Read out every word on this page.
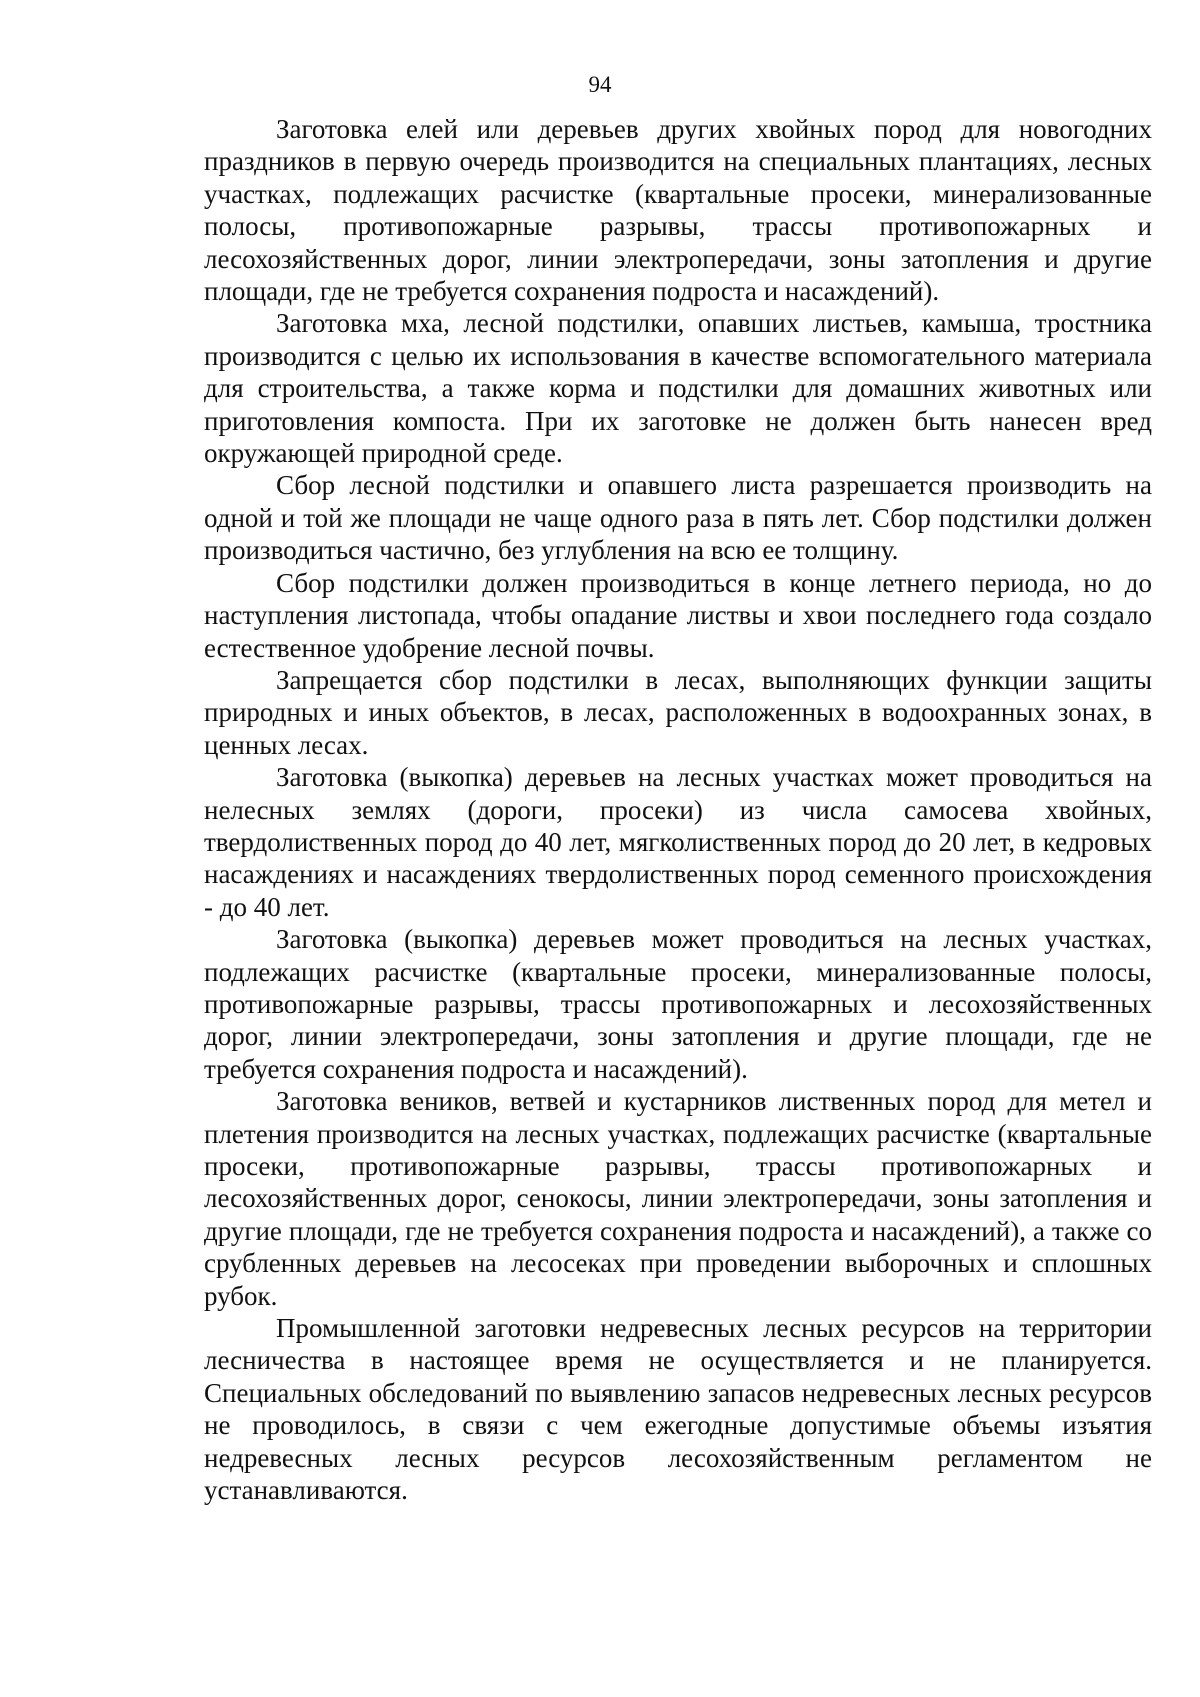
94

Заготовка елей или деревьев других хвойных пород для новогодних праздников в первую очередь производится на специальных плантациях, лесных участках, подлежащих расчистке (квартальные просеки, минерализованные полосы, противопожарные разрывы, трассы противопожарных и лесохозяйственных дорог, линии электропередачи, зоны затопления и другие площади, где не требуется сохранения подроста и насаждений).

Заготовка мха, лесной подстилки, опавших листьев, камыша, тростника производится с целью их использования в качестве вспомогательного материала для строительства, а также корма и подстилки для домашних животных или приготовления компоста. При их заготовке не должен быть нанесен вред окружающей природной среде.

Сбор лесной подстилки и опавшего листа разрешается производить на одной и той же площади не чаще одного раза в пять лет. Сбор подстилки должен производиться частично, без углубления на всю ее толщину.

Сбор подстилки должен производиться в конце летнего периода, но до наступления листопада, чтобы опадание листвы и хвои последнего года создало естественное удобрение лесной почвы.

Запрещается сбор подстилки в лесах, выполняющих функции защиты природных и иных объектов, в лесах, расположенных в водоохранных зонах, в ценных лесах.

Заготовка (выкопка) деревьев на лесных участках может проводиться на нелесных землях (дороги, просеки) из числа самосева хвойных, твердолиственных пород до 40 лет, мягколиственных пород до 20 лет, в кедровых насаждениях и насаждениях твердолиственных пород семенного происхождения - до 40 лет.

Заготовка (выкопка) деревьев может проводиться на лесных участках, подлежащих расчистке (квартальные просеки, минерализованные полосы, противопожарные разрывы, трассы противопожарных и лесохозяйственных дорог, линии электропередачи, зоны затопления и другие площади, где не требуется сохранения подроста и насаждений).

Заготовка веников, ветвей и кустарников лиственных пород для метел и плетения производится на лесных участках, подлежащих расчистке (квартальные просеки, противопожарные разрывы, трассы противопожарных и лесохозяйственных дорог, сенокосы, линии электропередачи, зоны затопления и другие площади, где не требуется сохранения подроста и насаждений), а также со срубленных деревьев на лесосеках при проведении выборочных и сплошных рубок.

Промышленной заготовки недревесных лесных ресурсов на территории лесничества в настоящее время не осуществляется и не планируется. Специальных обследований по выявлению запасов недревесных лесных ресурсов не проводилось, в связи с чем ежегодные допустимые объемы изъятия недревесных лесных ресурсов лесохозяйственным регламентом не устанавливаются.
